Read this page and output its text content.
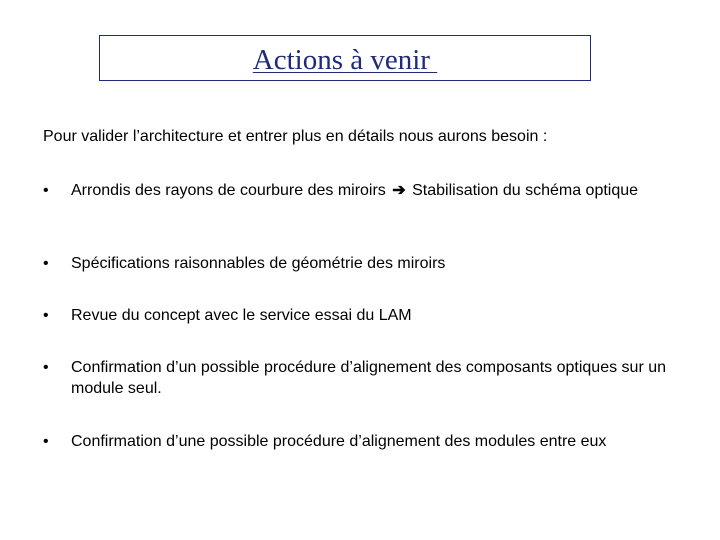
Actions à venir
Pour valider l’architecture et entrer plus en détails nous aurons besoin :
•	Arrondis des rayons de courbure des miroirs ➔ Stabilisation du schéma optique
•	Spécifications raisonnables de géométrie des miroirs
•	Revue du concept avec le service essai du LAM
•	Confirmation d’un possible procédure d’alignement des composants optiques sur un module seul.
•	Confirmation d’une possible procédure d’alignement des modules entre eux
